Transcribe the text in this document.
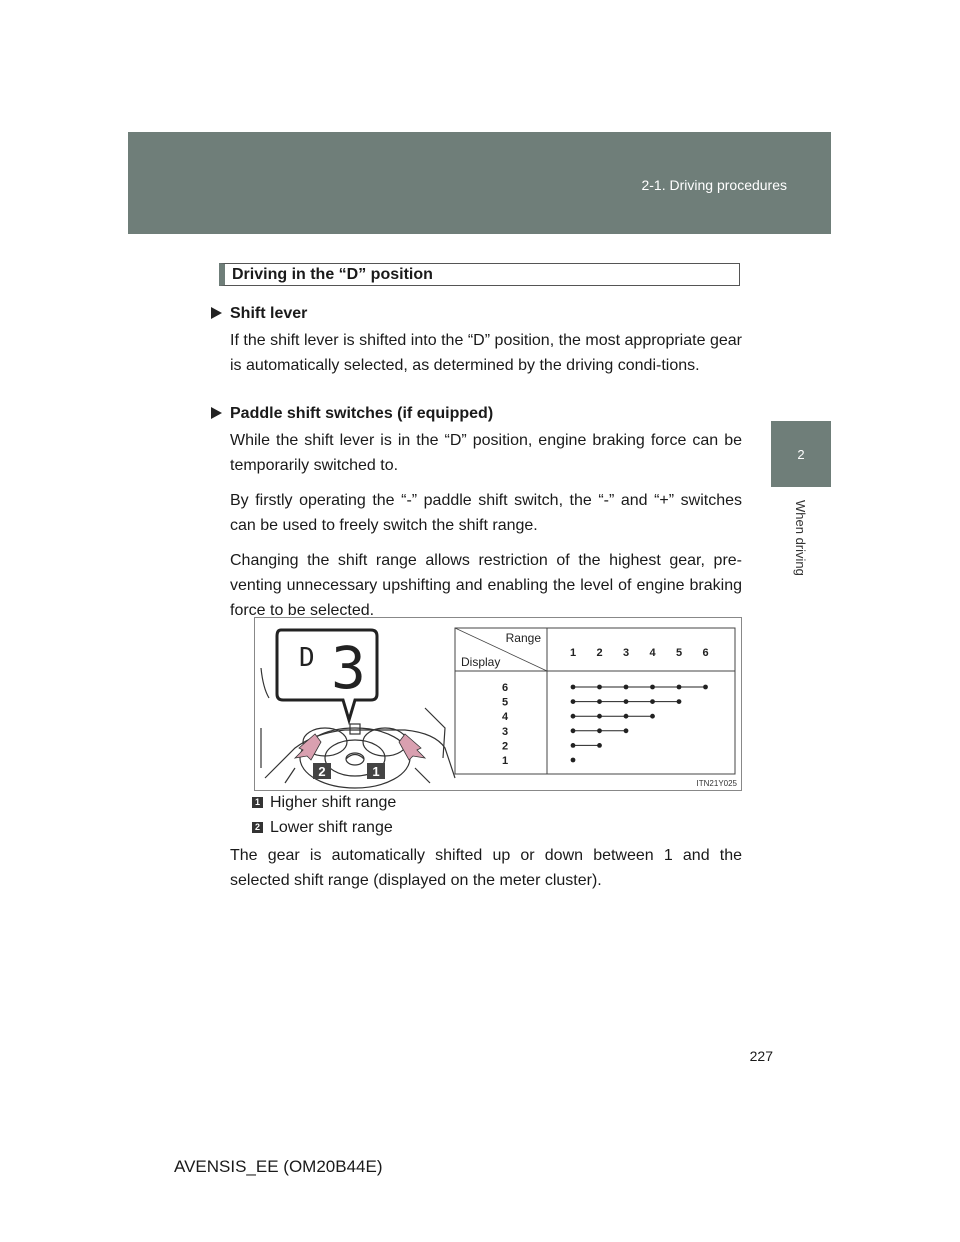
2-1. Driving procedures
2
When driving
Driving in the “D” position
Shift lever
If the shift lever is shifted into the “D” position, the most appropriate gear is automatically selected, as determined by the driving condi-tions.
Paddle shift switches (if equipped)
While the shift lever is in the “D” position, engine braking force can be temporarily switched to.
By firstly operating the “-” paddle shift switch, the “-” and “+” switches can be used to freely switch the shift range.
Changing the shift range allows restriction of the highest gear, pre-venting unnecessary upshifting and enabling the level of engine braking force to be selected.
D 3
2	1
Range
Display
1 2 3 4 5 6
6
5
4
3
2
1
ITN21Y025
1 Higher shift range
2 Lower shift range
The gear is automatically shifted up or down between 1 and the selected shift range (displayed on the meter cluster).
227
AVENSIS_EE (OM20B44E)
